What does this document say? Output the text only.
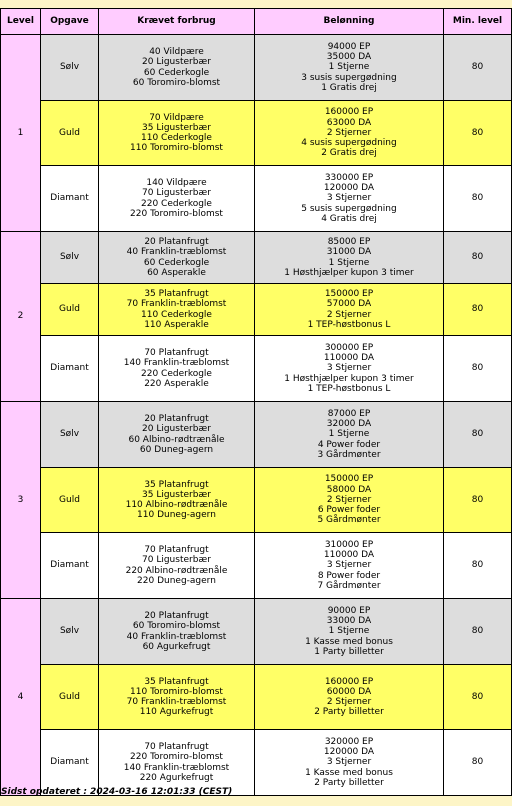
Level	Opgave	Krævet forbrug	Belønning	Min. level
1	Sølv	40 Vildpære
20 Ligusterbær
60 Cederkogle
60 Toromiro-blomst	94000 EP
35000 DA
1 Stjerne
3 susis supergødning
1 Gratis drej	80
	Guld	70 Vildpære
35 Ligusterbær
110 Cederkogle
110 Toromiro-blomst	160000 EP
63000 DA
2 Stjerner
4 susis supergødning
2 Gratis drej	80
	Diamant	140 Vildpære
70 Ligusterbær
220 Cederkogle
220 Toromiro-blomst	330000 EP
120000 DA
3 Stjerner
5 susis supergødning
4 Gratis drej	80
2	Sølv	20 Platanfrugt
40 Franklin-træblomst
60 Cederkogle
60 Asperakle	85000 EP
31000 DA
1 Stjerne
1 Høsthjælper kupon 3 timer	80
	Guld	35 Platanfrugt
70 Franklin-træblomst
110 Cederkogle
110 Asperakle	150000 EP
57000 DA
2 Stjerner
1 TEP-høstbonus L	80
	Diamant	70 Platanfrugt
140 Franklin-træblomst
220 Cederkogle
220 Asperakle	300000 EP
110000 DA
3 Stjerner
1 Høsthjælper kupon 3 timer
1 TEP-høstbonus L	80
3	Sølv	20 Platanfrugt
20 Ligusterbær
60 Albino-rødtrænåle
60 Duneg-agern	87000 EP
32000 DA
1 Stjerne
4 Power foder
3 Gårdmønter	80
	Guld	35 Platanfrugt
35 Ligusterbær
110 Albino-rødtrænåle
110 Duneg-agern	150000 EP
58000 DA
2 Stjerner
6 Power foder
5 Gårdmønter	80
	Diamant	70 Platanfrugt
70 Ligusterbær
220 Albino-rødtrænåle
220 Duneg-agern	310000 EP
110000 DA
3 Stjerner
8 Power foder
7 Gårdmønter	80
4	Sølv	20 Platanfrugt
60 Toromiro-blomst
40 Franklin-træblomst
60 Agurkefrugt	90000 EP
33000 DA
1 Stjerne
1 Kasse med bonus
1 Party billetter	80
	Guld	35 Platanfrugt
110 Toromiro-blomst
70 Franklin-træblomst
110 Agurkefrugt	160000 EP
60000 DA
2 Stjerner
2 Party billetter	80
	Diamant	70 Platanfrugt
220 Toromiro-blomst
140 Franklin-træblomst
220 Agurkefrugt	320000 EP
120000 DA
3 Stjerner
1 Kasse med bonus
2 Party billetter	80
Sidst opdateret : 2024-03-16 12:01:33 (CEST)
